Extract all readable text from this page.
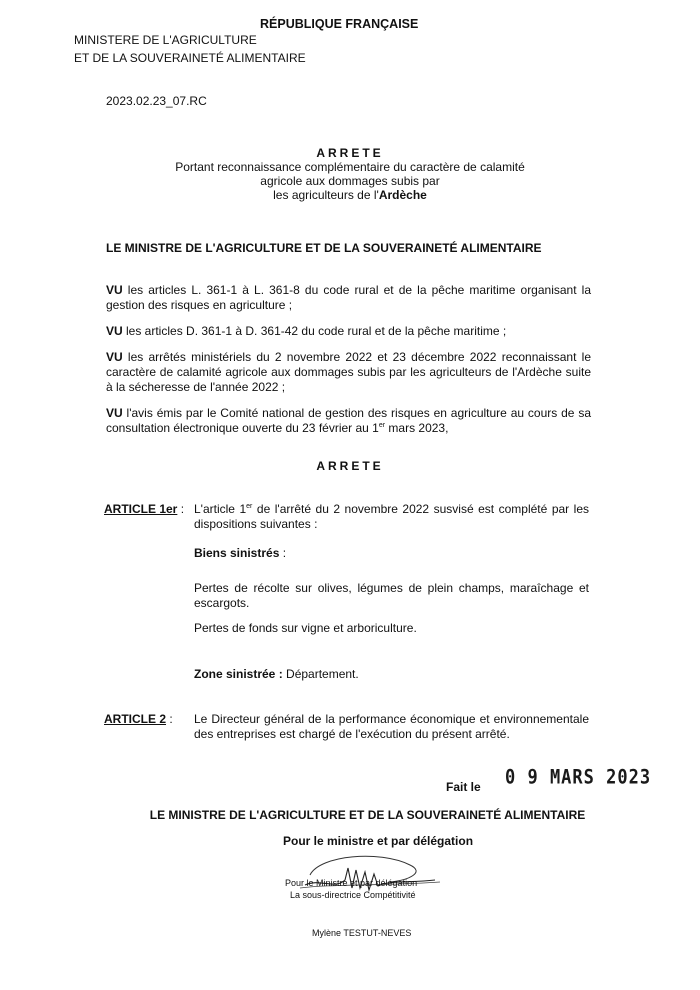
RÉPUBLIQUE FRANÇAISE
MINISTERE DE L'AGRICULTURE
ET DE LA SOUVERAINETÉ ALIMENTAIRE
2023.02.23_07.RC
ARRETE
Portant reconnaissance complémentaire du caractère de calamité
agricole aux dommages subis par
les agriculteurs de l'Ardèche
LE MINISTRE DE L'AGRICULTURE ET DE LA SOUVERAINETÉ ALIMENTAIRE
VU les articles L. 361-1 à L. 361-8 du code rural et de la pêche maritime organisant la gestion des risques en agriculture ;
VU les articles D. 361-1 à D. 361-42 du code rural et de la pêche maritime ;
VU les arrêtés ministériels du 2 novembre 2022 et 23 décembre 2022 reconnaissant le caractère de calamité agricole aux dommages subis par les agriculteurs de l'Ardèche suite à la sécheresse de l'année 2022 ;
VU l'avis émis par le Comité national de gestion des risques en agriculture au cours de sa consultation électronique ouverte du 23 février au 1er mars 2023,
ARRETE
ARTICLE 1er : L'article 1er de l'arrêté du 2 novembre 2022 susvisé est complété par les dispositions suivantes :
Biens sinistrés :
Pertes de récolte sur olives, légumes de plein champs, maraîchage et escargots.
Pertes de fonds sur vigne et arboriculture.
Zone sinistrée : Département.
ARTICLE 2 : Le Directeur général de la performance économique et environnementale des entreprises est chargé de l'exécution du présent arrêté.
Fait le 0 9 MARS 2023
LE MINISTRE DE L'AGRICULTURE ET DE LA SOUVERAINETÉ ALIMENTAIRE
Pour le ministre et par délégation
Pour le Ministre et par délégation
La sous-directrice Compétitivité
Mylène TESTUT-NEVES
